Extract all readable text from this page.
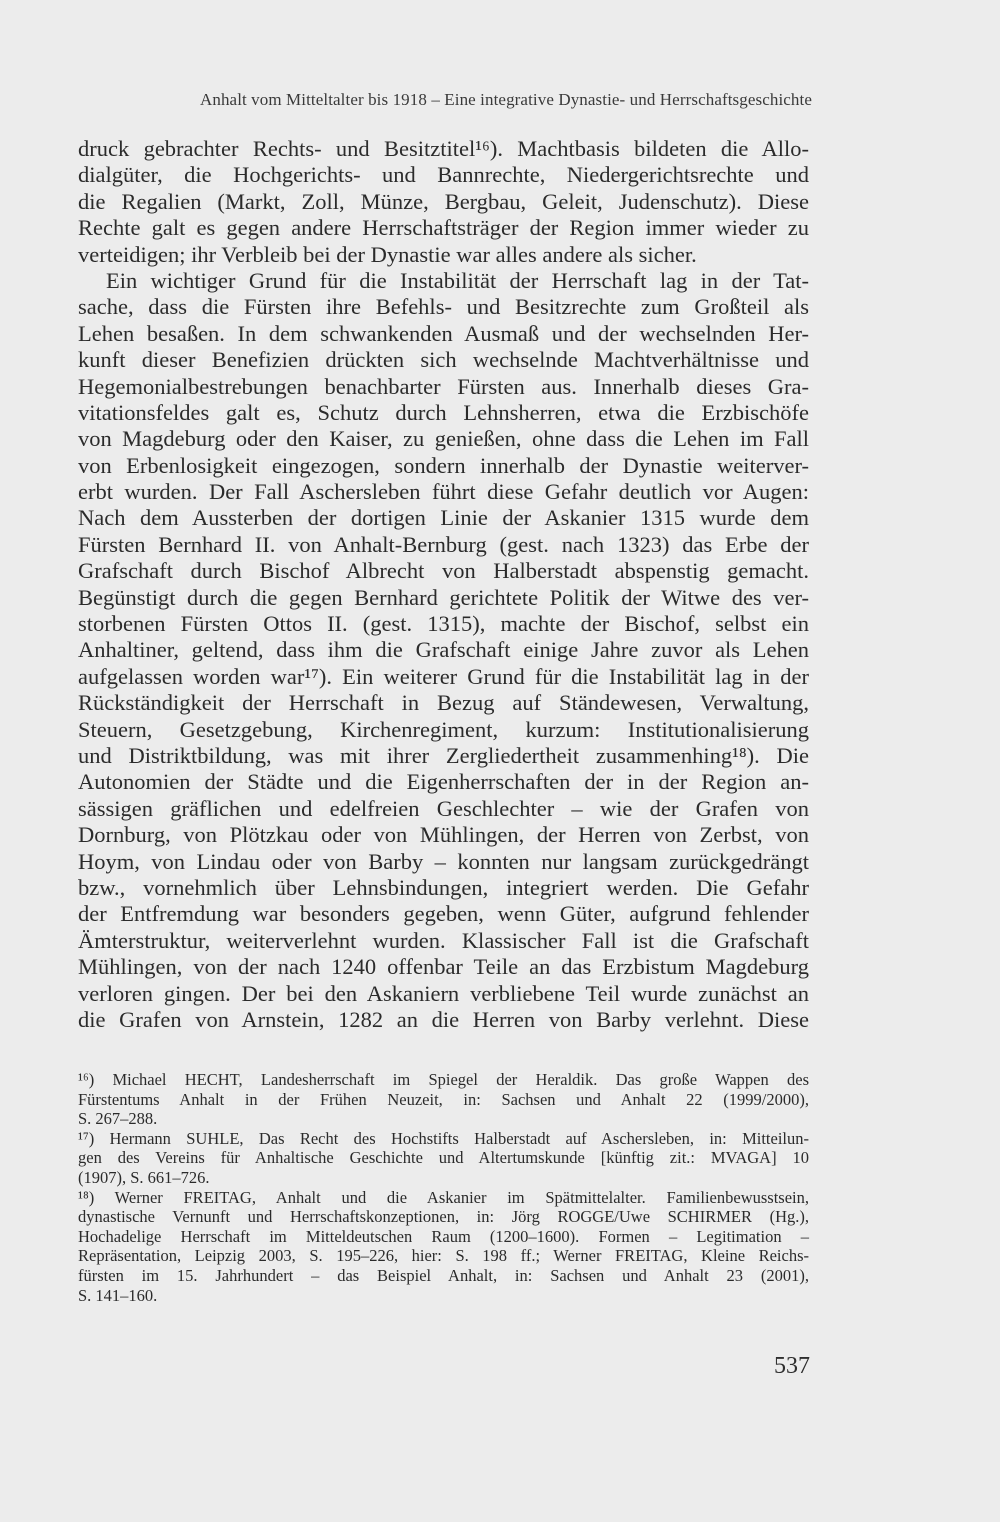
Anhalt vom Mitteltalter bis 1918 – Eine integrative Dynastie- und Herrschaftsgeschichte
druck gebrachter Rechts- und Besitztitel¹⁶). Machtbasis bildeten die Allo-
dialgüter, die Hochgerichts- und Bannrechte, Niedergerichtsrechte und
die Regalien (Markt, Zoll, Münze, Bergbau, Geleit, Judenschutz). Diese
Rechte galt es gegen andere Herrschaftsträger der Region immer wieder zu
verteidigen; ihr Verbleib bei der Dynastie war alles andere als sicher.
Ein wichtiger Grund für die Instabilität der Herrschaft lag in der Tat-
sache, dass die Fürsten ihre Befehls- und Besitzrechte zum Großteil als
Lehen besaßen. In dem schwankenden Ausmaß und der wechselnden Her-
kunft dieser Benefizien drückten sich wechselnde Machtverhältnisse und
Hegemonialbestrebungen benachbarter Fürsten aus. Innerhalb dieses Gra-
vitationsfeldes galt es, Schutz durch Lehnsherren, etwa die Erzbischöfe
von Magdeburg oder den Kaiser, zu genießen, ohne dass die Lehen im Fall
von Erbenlosigkeit eingezogen, sondern innerhalb der Dynastie weiterver-
erbt wurden. Der Fall Aschersleben führt diese Gefahr deutlich vor Augen:
Nach dem Aussterben der dortigen Linie der Askanier 1315 wurde dem
Fürsten Bernhard II. von Anhalt-Bernburg (gest. nach 1323) das Erbe der
Grafschaft durch Bischof Albrecht von Halberstadt abspenstig gemacht.
Begünstigt durch die gegen Bernhard gerichtete Politik der Witwe des ver-
storbenen Fürsten Ottos II. (gest. 1315), machte der Bischof, selbst ein
Anhaltiner, geltend, dass ihm die Grafschaft einige Jahre zuvor als Lehen
aufgelassen worden war¹⁷). Ein weiterer Grund für die Instabilität lag in der
Rückständigkeit der Herrschaft in Bezug auf Ständewesen, Verwaltung,
Steuern, Gesetzgebung, Kirchenregiment, kurzum: Institutionalisierung
und Distriktbildung, was mit ihrer Zergliedertheit zusammenhing¹⁸). Die
Autonomien der Städte und die Eigenherrschaften der in der Region an-
sässigen gräflichen und edelfreien Geschlechter – wie der Grafen von
Dornburg, von Plötzkau oder von Mühlingen, der Herren von Zerbst, von
Hoym, von Lindau oder von Barby – konnten nur langsam zurückgedrängt
bzw., vornehmlich über Lehnsbindungen, integriert werden. Die Gefahr
der Entfremdung war besonders gegeben, wenn Güter, aufgrund fehlender
Ämterstruktur, weiterverlehnt wurden. Klassischer Fall ist die Grafschaft
Mühlingen, von der nach 1240 offenbar Teile an das Erzbistum Magdeburg
verloren gingen. Der bei den Askaniern verbliebene Teil wurde zunächst an
die Grafen von Arnstein, 1282 an die Herren von Barby verlehnt. Diese
¹⁶) Michael HECHT, Landesherrschaft im Spiegel der Heraldik. Das große Wappen des
Fürstentums Anhalt in der Frühen Neuzeit, in: Sachsen und Anhalt 22 (1999/2000),
S. 267–288.
¹⁷) Hermann SUHLE, Das Recht des Hochstifts Halberstadt auf Aschersleben, in: Mitteilun-
gen des Vereins für Anhaltische Geschichte und Altertumskunde [künftig zit.: MVAGA] 10
(1907), S. 661–726.
¹⁸) Werner FREITAG, Anhalt und die Askanier im Spätmittelalter. Familienbewusstsein,
dynastische Vernunft und Herrschaftskonzeptionen, in: Jörg ROGGE/Uwe SCHIRMER (Hg.),
Hochadelige Herrschaft im Mitteldeutschen Raum (1200–1600). Formen – Legitimation –
Repräsentation, Leipzig 2003, S. 195–226, hier: S. 198 ff.; Werner FREITAG, Kleine Reichs-
fürsten im 15. Jahrhundert – das Beispiel Anhalt, in: Sachsen und Anhalt 23 (2001),
S. 141–160.
537
